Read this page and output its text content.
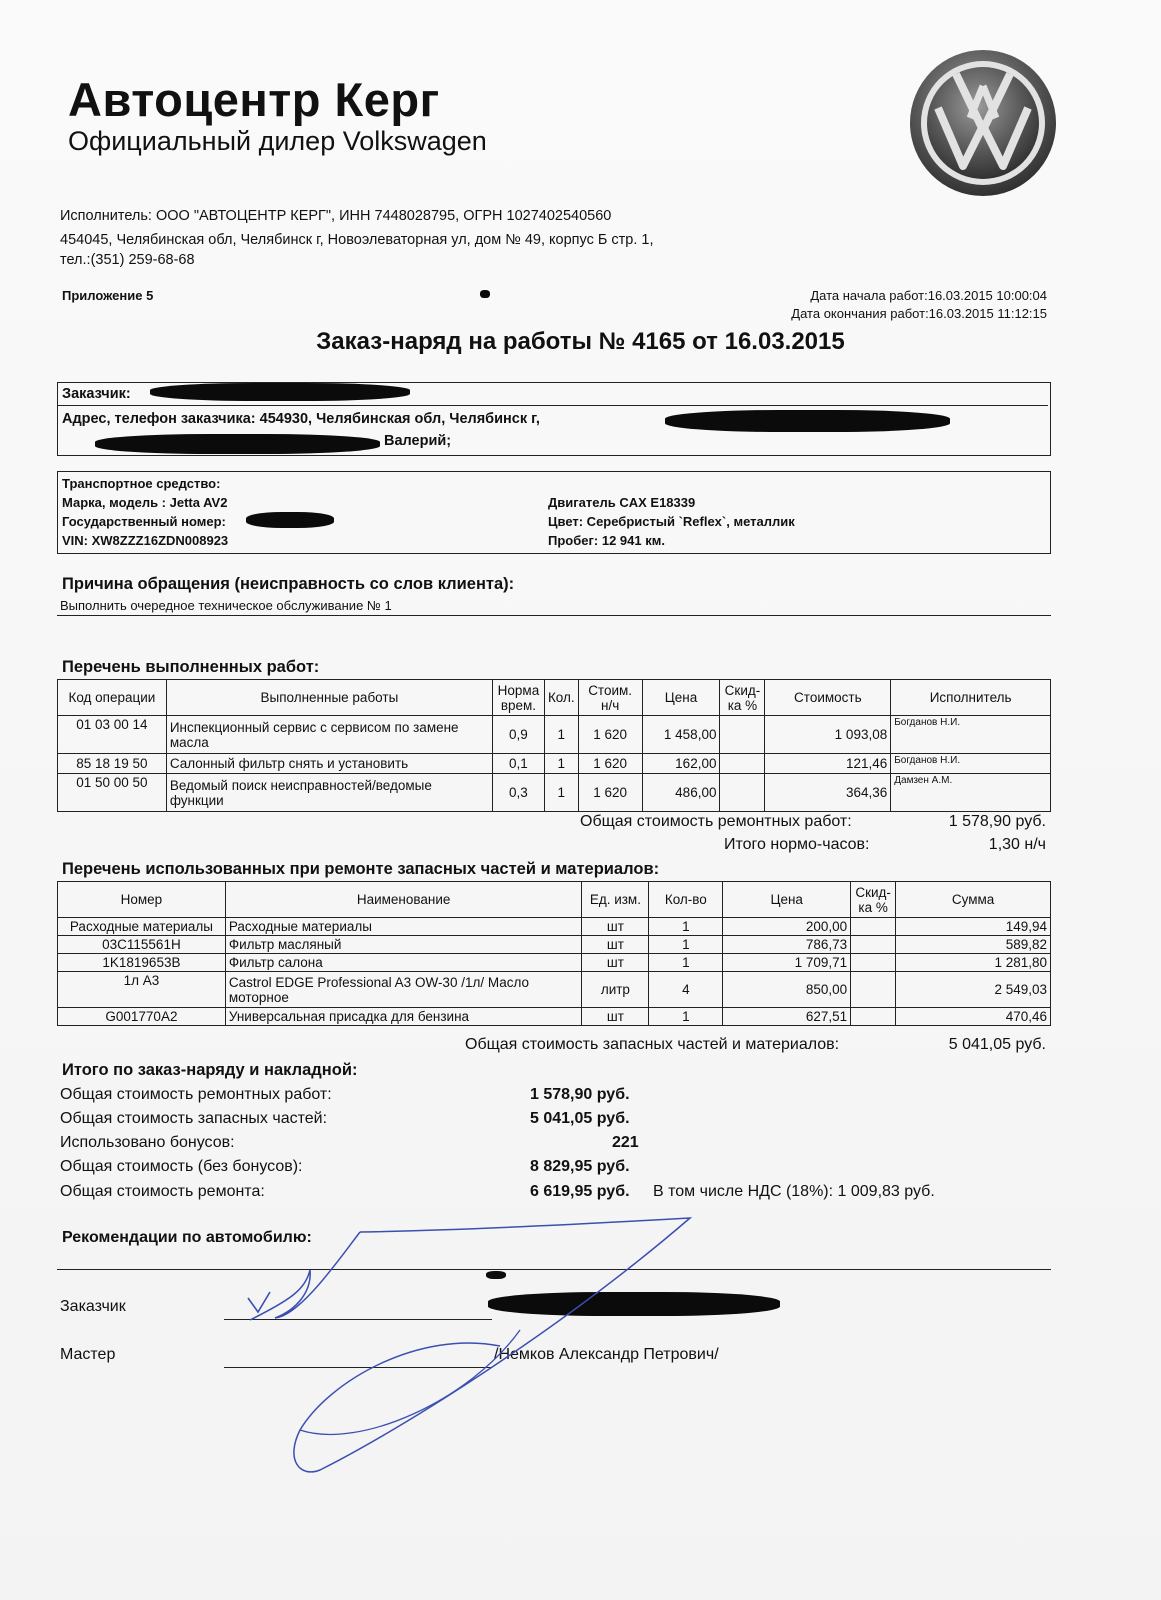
Автоцентр Керг
Официальный дилер Volkswagen
Исполнитель: ООО "АВТОЦЕНТР КЕРГ", ИНН 7448028795, ОГРН 1027402540560
454045, Челябинская обл, Челябинск г, Новоэлеваторная ул, дом № 49, корпус Б стр. 1,
тел.:(351) 259-68-68
Приложение 5	Дата начала работ:16.03.2015 10:00:04
Дата окончания работ:16.03.2015 11:12:15
Заказ-наряд на работы № 4165 от 16.03.2015
Заказчик:
Адрес, телефон заказчика: 454930, Челябинская обл, Челябинск г,
Валерий;
Транспортное средство:
Марка, модель : Jetta AV2
Государственный номер:
VIN: XW8ZZZ16ZDN008923
Двигатель CAX E18339
Цвет: Серебристый `Reflex`, металлик
Пробег: 12 941 км.
Причина обращения (неисправность со слов клиента):
Выполнить очередное техническое обслуживание № 1
Перечень выполненных работ:
Код операции	Выполненные работы	Норма врем.	Кол.	Стоим. н/ч	Цена	Скид-ка %	Стоимость	Исполнитель
01 03 00 14	Инспекционный сервис с сервисом по замене масла	0,9	1	1 620	1 458,00		1 093,08	Богданов Н.И.
85 18 19 50	Салонный фильтр снять и установить	0,1	1	1 620	162,00		121,46	Богданов Н.И.
01 50 00 50	Ведомый поиск неисправностей/ведомые функции	0,3	1	1 620	486,00		364,36	Дамзен А.М.
Общая стоимость ремонтных работ:	1 578,90 руб.
Итого нормо-часов:	1,30 н/ч
Перечень использованных при ремонте запасных частей и материалов:
Номер	Наименование	Ед. изм.	Кол-во	Цена	Скид-ка %	Сумма
Расходные материалы	Расходные материалы	шт	1	200,00		149,94
03C115561H	Фильтр масляный	шт	1	786,73		589,82
1K1819653B	Фильтр салона	шт	1	1 709,71		1 281,80
1л А3	Castrol EDGE Professional A3 OW-30 /1л/ Масло моторное	литр	4	850,00		2 549,03
G001770A2	Универсальная присадка для бензина	шт	1	627,51		470,46
Общая стоимость запасных частей и материалов:	5 041,05 руб.
Итого по заказ-наряду и накладной:
Общая стоимость ремонтных работ:	1 578,90 руб.
Общая стоимость запасных частей:	5 041,05 руб.
Использовано бонусов:	221
Общая стоимость (без бонусов):	8 829,95 руб.
Общая стоимость ремонта:	6 619,95 руб. В том числе НДС (18%): 1 009,83 руб.
Рекомендации по автомобилю:
Заказчик
Мастер	/Немков Александр Петрович/
